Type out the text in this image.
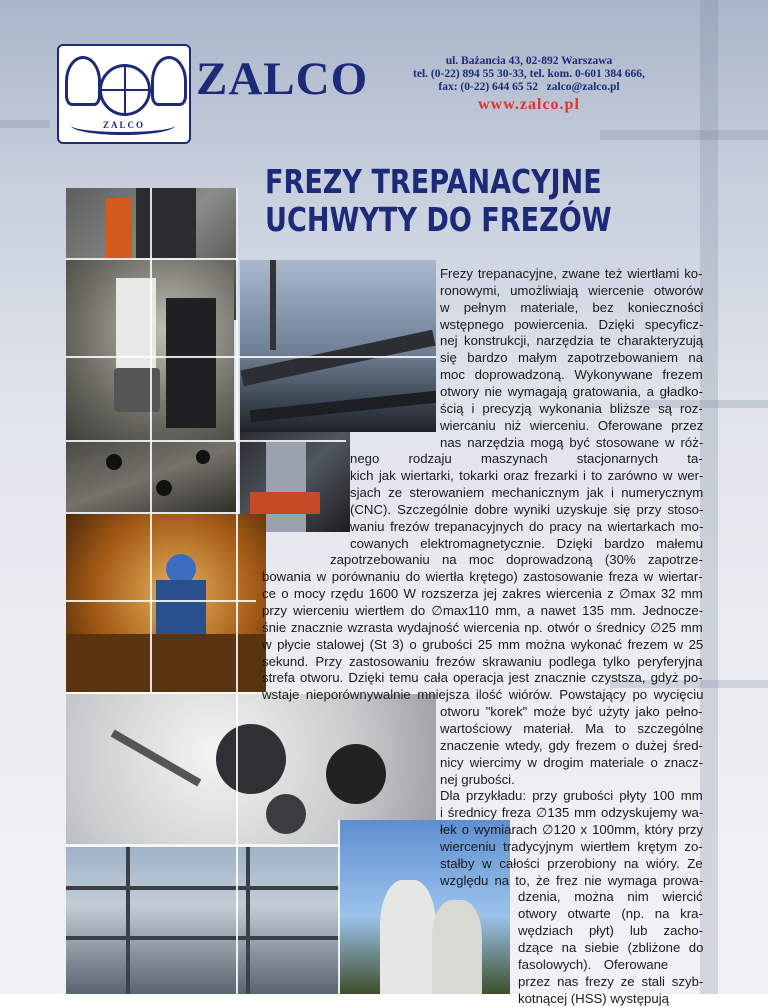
ZALCO
ZALCO	ul. Bażancia 43, 02-892 Warszawa
tel. (0-22) 894 55 30-33, tel. kom. 0-601 384 666,
fax: (0-22) 644 65 52   zalco@zalco.pl
www.zalco.pl
FREZY TREPANACYJNE
UCHWYTY DO FREZÓW
Frezy trepanacyjne, zwane też wiertłami ko-
ronowymi, umożliwiają wiercenie otworów
w pełnym materiale, bez konieczności
wstępnego powiercenia. Dzięki specyficz-
nej konstrukcji, narzędzia te charakteryzują
się bardzo małym zapotrzebowaniem na
moc doprowadzoną. Wykonywane frezem
otwory nie wymagają gratowania, a gładko-
ścią i precyzją wykonania bliższe są roz-
wiercaniu niż wierceniu. Oferowane przez
nas narzędzia mogą być stosowane w róż-
nego rodzaju maszynach stacjonarnych ta-
kich jak wiertarki, tokarki oraz frezarki i to zarówno w wer-
sjach ze sterowaniem mechanicznym jak i numerycznym
(CNC). Szczególnie dobre wyniki uzyskuje się przy stoso-
waniu frezów trepanacyjnych do pracy na wiertarkach mo-
cowanych elektromagnetycznie. Dzięki bardzo małemu
zapotrzebowaniu na moc doprowadzoną (30% zapotrze-
bowania w porównaniu do wiertła krętego) zastosowanie freza w wiertar-
ce o mocy rzędu 1600 W rozszerza jej zakres wiercenia z ∅max 32 mm
przy wierceniu wiertłem do ∅max110 mm, a nawet 135 mm. Jednocze-
śnie znacznie wzrasta wydajność wiercenia np. otwór o średnicy ∅25 mm
w płycie stalowej (St 3) o grubości 25 mm można wykonać frezem w 25
sekund. Przy zastosowaniu frezów skrawaniu podlega tylko peryferyjna
strefa otworu. Dzięki temu cała operacja jest znacznie czystsza, gdyż po-
wstaje nieporównywalnie mniejsza ilość wiórów. Powstający po wycięciu
otworu "korek" może być użyty jako pełno-
wartościowy materiał. Ma to szczególne
znaczenie wtedy, gdy frezem o dużej śred-
nicy wiercimy w drogim materiale o znacz-
nej grubości.
Dla przykładu: przy grubości płyty 100 mm
i średnicy freza ∅135 mm odzyskujemy wa-
łek o wymiarach ∅120 x 100mm, który przy
wierceniu tradycyjnym wiertłem krętym zo-
stałby w całości przerobiony na wióry. Ze
względu na to, że frez nie wymaga prowa-
dzenia, można nim wiercić
otwory otwarte (np. na kra-
wędziach płyt) lub zacho-
dzące na siebie (zbliżone do
fasolowych). Oferowane
przez nas frezy ze stali szyb-
kotnącej (HSS) występują
